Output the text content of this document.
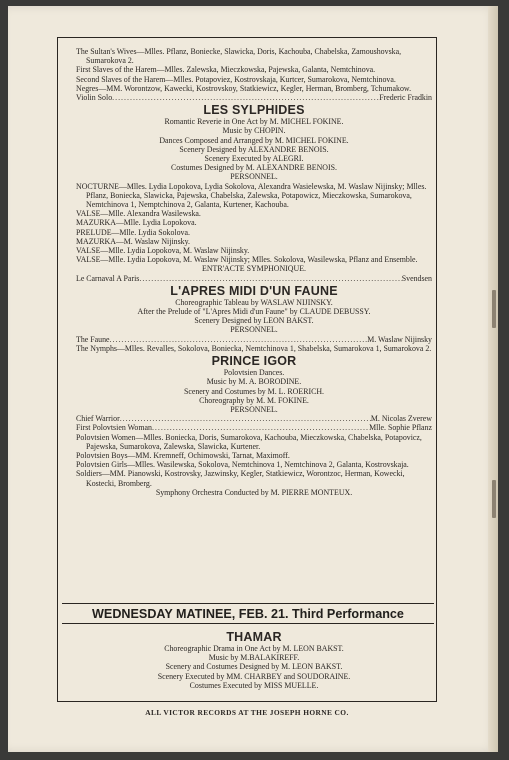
The Sultan's Wives—Mlles. Pflanz, Boniecke, Slawicka, Doris, Kachouba, Chabelska, Zamoushovska, Sumarokova 2.

First Slaves of the Harem—Mlles. Zalewska, Mieczkowska, Pajewska, Galanta, Nemtchinova.

Second Slaves of the Harem—Mlles. Potapoviez, Kostrovskaja, Kurtcer, Sumarokova, Nemtchinova.

Negres—MM. Worontzow, Kawecki, Kostrovskoy, Statkiewicz, Kegler, Herman, Bromberg, Tchumakow.

Violin Solo .....	Frederic Fradkin
LES SYLPHIDES
Romantic Reverie in One Act by M. MICHEL FOKINE.
Music by CHOPIN.
Dances Composed and Arranged by M. MICHEL FOKINE.
Scenery Designed by ALEXANDRE BENOIS.
Scenery Executed by ALEGRI.
Costumes Designed by M. ALEXANDRE BENOIS.
PERSONNEL.

NOCTURNE—Mlles. Lydia Lopokova, Lydia Sokolova, Alexandra Wasielewska, M. Waslaw Nijinsky; Mlles. Pflanz, Boniecka, Slawicka, Pajewska, Chabelska, Zalewska, Potapowicz, Mieczkowska, Sumarokova, Nemtchinova 1, Nemptchinova 2, Galanta, Kurtener, Kachouba.

VALSE—Mlle. Alexandra Wasilewska.

MAZURKA—Mlle. Lydia Lopokova.

PRELUDE—Mlle. Lydia Sokolova.

MAZURKA—M. Waslaw Nijinsky.

VALSE—Mlle. Lydia Lopokova, M. Waslaw Nijinsky.

VALSE—Mlle. Lydia Lopokova, M. Waslaw Nijinsky; Mlles. Sokolova, Wasilewska, Pflanz and Ensemble.

ENTR'ACTE SYMPHONIQUE.
Le Carnaval A Paris .....	Svendsen
L'APRES MIDI D'UN FAUNE
Choreographic Tableau by WASLAW NIJINSKY.
After the Prelude of "L'Apres Midi d'un Faune" by CLAUDE DEBUSSY.
Scenery Designed by LEON BAKST.
PERSONNEL.
The Faune .....	M. Waslaw Nijinsky

The Nymphs—Mlles. Revalles, Sokolova, Boniecka, Nemtchinova 1, Shabelska, Sumarokova 1, Sumarokova 2.

PRINCE IGOR
Polovtsien Dances.
Music by M. A. BORODINE.
Scenery and Costumes by M. L. ROERICH.
Choreography by M. M. FOKINE.
PERSONNEL.
Chief Warrior .....	M. Nicolas Zverew
First Polovtsien Woman .....	Mlle. Sophie Pflanz

Polovtsien Women—Mlles. Boniecka, Doris, Sumarokova, Kachouba, Mieczkowska, Chabelska, Potapovicz, Pajewska, Sumarokova, Zalewska, Slawicka, Kurtener.

Polovtsien Boys—MM. Kremneff, Ochimowski, Tarnat, Maximoff.

Polovtsien Girls—Mlles. Wasilewska, Sokolova, Nemtchinova 1, Nemtchinova 2, Galanta, Kostrovskaja.

Soldiers—MM. Pianowski, Kostrovsky, Jazwinsky, Kegler, Statkiewicz, Worontzoc, Herman, Kowecki, Kostecki, Bromberg.

Symphony Orchestra Conducted by M. PIERRE MONTEUX.
WEDNESDAY MATINEE, FEB. 21. Third Performance
THAMAR
Choreographic Drama in One Act by M. LEON BAKST.
Music by M.BALAKIREFF.
Scenery and Costumes Designed by M. LEON BAKST.
Scenery Executed by MM. CHARBEY and SOUDORAINE.
Costumes Executed by MISS MUELLE.
ALL VICTOR RECORDS AT THE JOSEPH HORNE CO.
